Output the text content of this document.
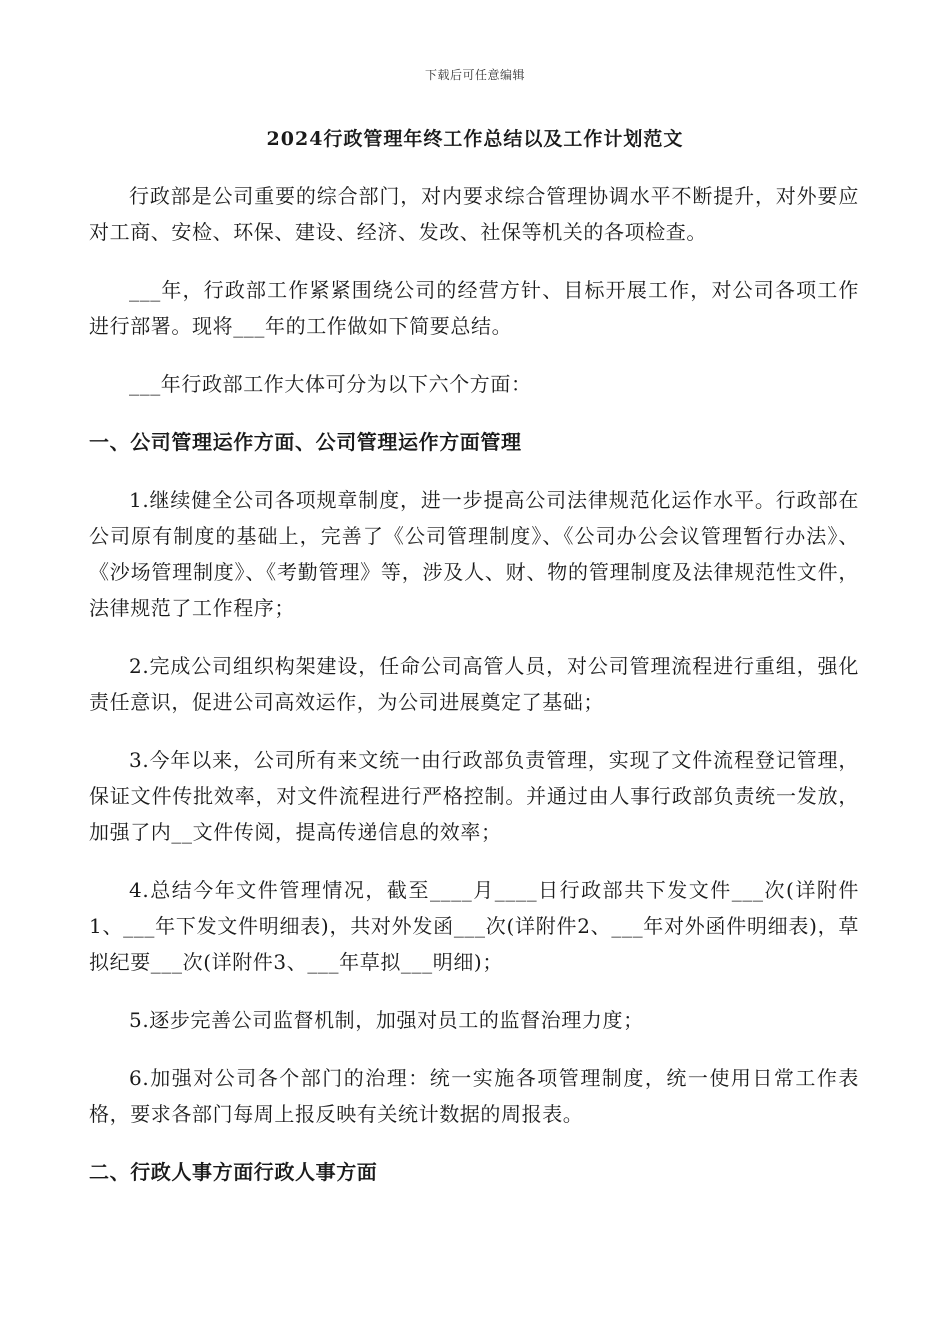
下载后可任意编辑
2024行政管理年终工作总结以及工作计划范文

行政部是公司重要的综合部门，对内要求综合管理协调水平不断提升，对外要应对工商、安检、环保、建设、经济、发改、社保等机关的各项检查。

___年，行政部工作紧紧围绕公司的经营方针、目标开展工作，对公司各项工作进行部署。现将___年的工作做如下简要总结。

___年行政部工作大体可分为以下六个方面：

一、公司管理运作方面、公司管理运作方面管理

1.继续健全公司各项规章制度，进一步提高公司法律规范化运作水平。行政部在公司原有制度的基础上，完善了《公司管理制度》、《公司办公会议管理暂行办法》、《沙场管理制度》、《考勤管理》等，涉及人、财、物的管理制度及法律规范性文件，法律规范了工作程序；

2.完成公司组织构架建设，任命公司高管人员，对公司管理流程进行重组，强化责任意识，促进公司高效运作，为公司进展奠定了基础；

3.今年以来，公司所有来文统一由行政部负责管理，实现了文件流程登记管理，保证文件传批效率，对文件流程进行严格控制。并通过由人事行政部负责统一发放，加强了内__文件传阅，提高传递信息的效率；

4.总结今年文件管理情况，截至____月____日行政部共下发文件___次(详附件1、___年下发文件明细表)，共对外发函___次(详附件2、___年对外函件明细表)，草拟纪要___次(详附件3、___年草拟___明细)；

5.逐步完善公司监督机制，加强对员工的监督治理力度；

6.加强对公司各个部门的治理：统一实施各项管理制度，统一使用日常工作表格，要求各部门每周上报反映有关统计数据的周报表。

二、行政人事方面行政人事方面
